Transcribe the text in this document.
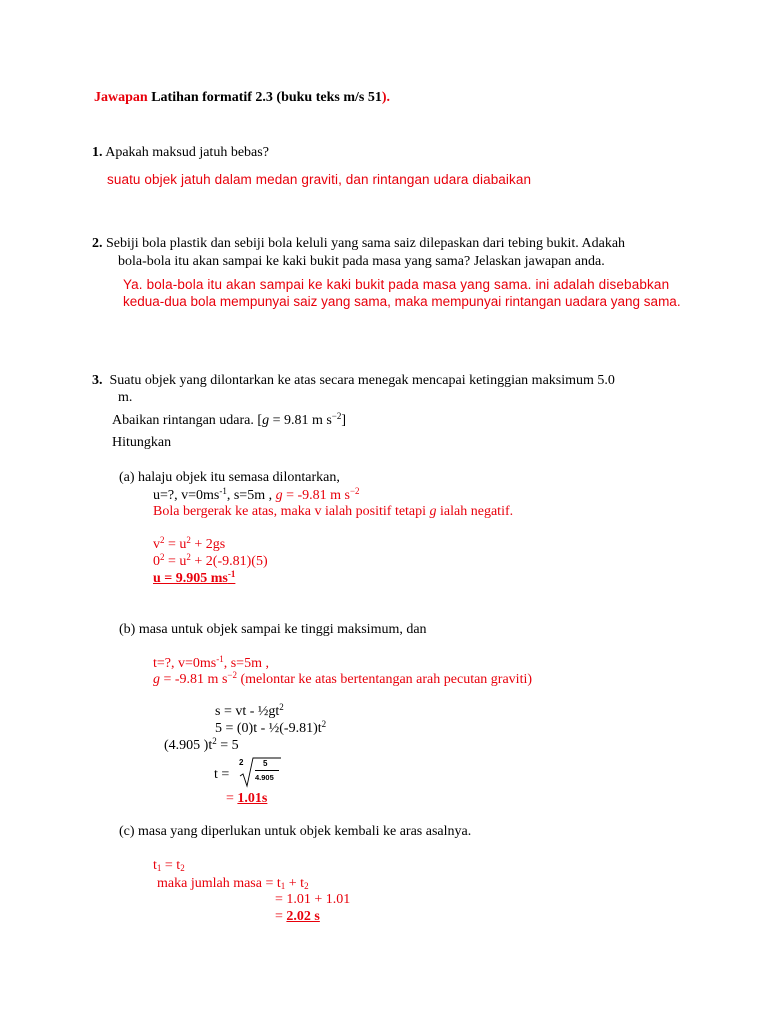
Jawapan Latihan formatif 2.3 (buku teks m/s 51).
1. Apakah maksud jatuh bebas?
suatu objek jatuh dalam medan graviti, dan rintangan udara diabaikan
2. Sebiji bola plastik dan sebiji bola keluli yang sama saiz dilepaskan dari tebing bukit. Adakah
bola-bola itu akan sampai ke kaki bukit pada masa yang sama? Jelaskan jawapan anda.
Ya. bola-bola itu akan sampai ke kaki bukit pada masa yang sama. ini adalah disebabkan
kedua-dua bola mempunyai saiz yang sama, maka mempunyai rintangan uadara yang sama.
3. Suatu objek yang dilontarkan ke atas secara menegak mencapai ketinggian maksimum 5.0
m.
Abaikan rintangan udara. [g = 9.81 m $s^{-2}$]
Hitungkan
(a) halaju objek itu semasa dilontarkan,
u=?, $v=0ms^{-1}$, s=5m , g = -9.81 m $s^{-2}$
Bola bergerak ke atas, maka v ialah positif tetapi g ialah negatif.
$v^2 = u^2 + 2gs$
$0^2 = u^2 + 2(-9.81)(5)$
u = 9.905 $ms^{-1}$
(b) masa untuk objek sampai ke tinggi maksimum, dan
t=?, $v=0ms^{-1}$, s=5m ,
g = -9.81 m $s^{-2}$ (melontar ke atas bertentangan arah pecutan graviti)
s = vt - $\frac{1}{2}gt^2$
$5 = (0)t - \frac{1}{2}(-9.81)t^2$
(4.905 )$t^2 = 5$
t =
2 5
4.905
= 1.01s
(c) masa yang diperlukan untuk objek kembali ke aras asalnya.
$t_1 = t_2$
maka jumlah masa = $t_1 + t_2$
= 1.01 + 1.01
= 2.02 s
